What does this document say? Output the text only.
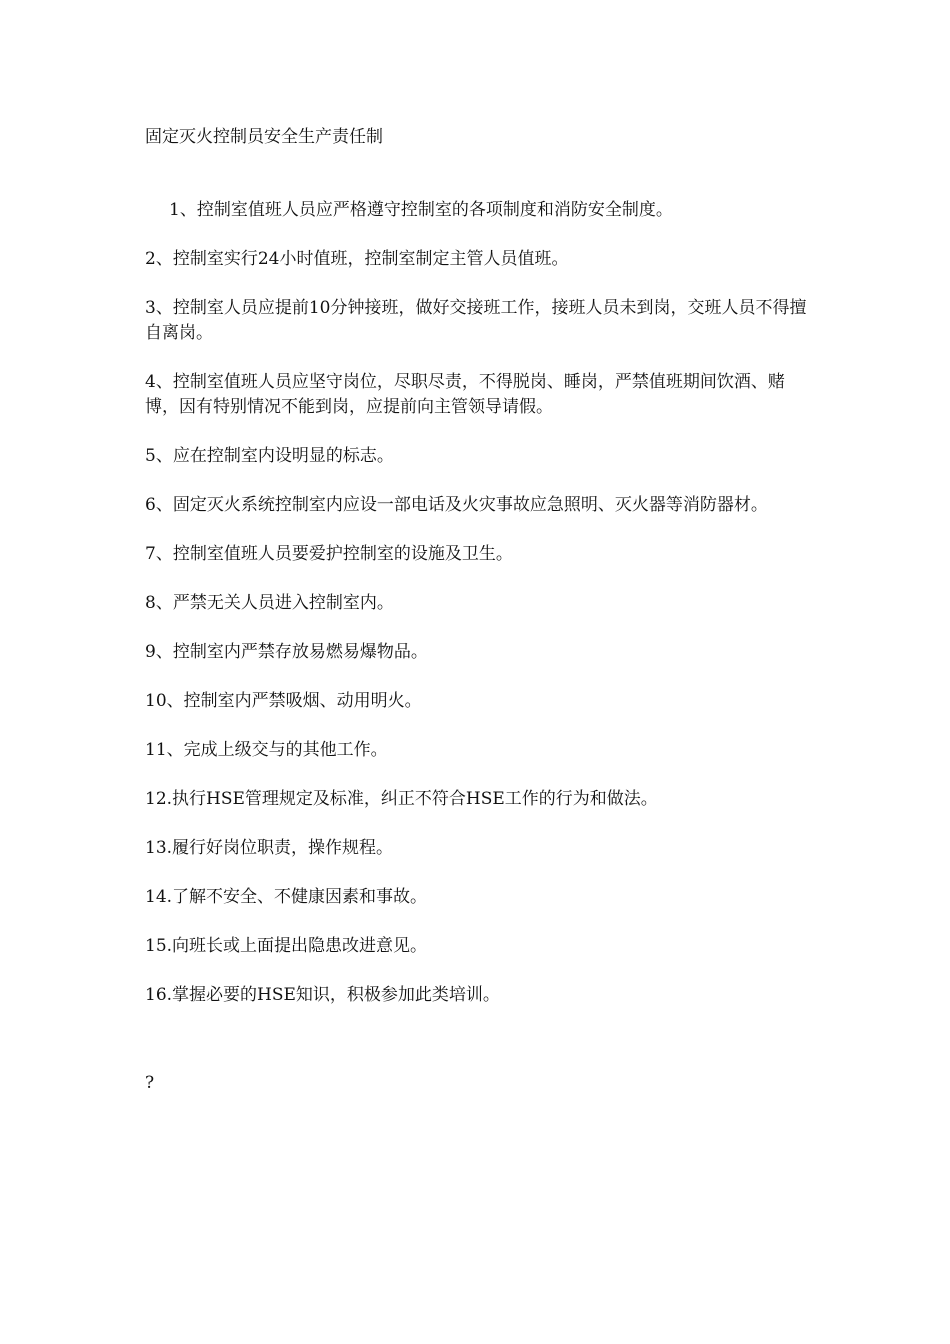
固定灭火控制员安全生产责任制

1、控制室值班人员应严格遵守控制室的各项制度和消防安全制度。

2、控制室实行24小时值班，控制室制定主管人员值班。

3、控制室人员应提前10分钟接班，做好交接班工作，接班人员未到岗，交班人员不得擅自离岗。

4、控制室值班人员应坚守岗位，尽职尽责，不得脱岗、睡岗，严禁值班期间饮酒、赌博，因有特别情况不能到岗，应提前向主管领导请假。

5、应在控制室内设明显的标志。

6、固定灭火系统控制室内应设一部电话及火灾事故应急照明、灭火器等消防器材。

7、控制室值班人员要爱护控制室的设施及卫生。

8、严禁无关人员进入控制室内。

9、控制室内严禁存放易燃易爆物品。

10、控制室内严禁吸烟、动用明火。

11、完成上级交与的其他工作。

12.执行HSE管理规定及标准，纠正不符合HSE工作的行为和做法。

13.履行好岗位职责，操作规程。

14.了解不安全、不健康因素和事故。

15.向班长或上面提出隐患改进意见。

16.掌握必要的HSE知识，积极参加此类培训。

?
